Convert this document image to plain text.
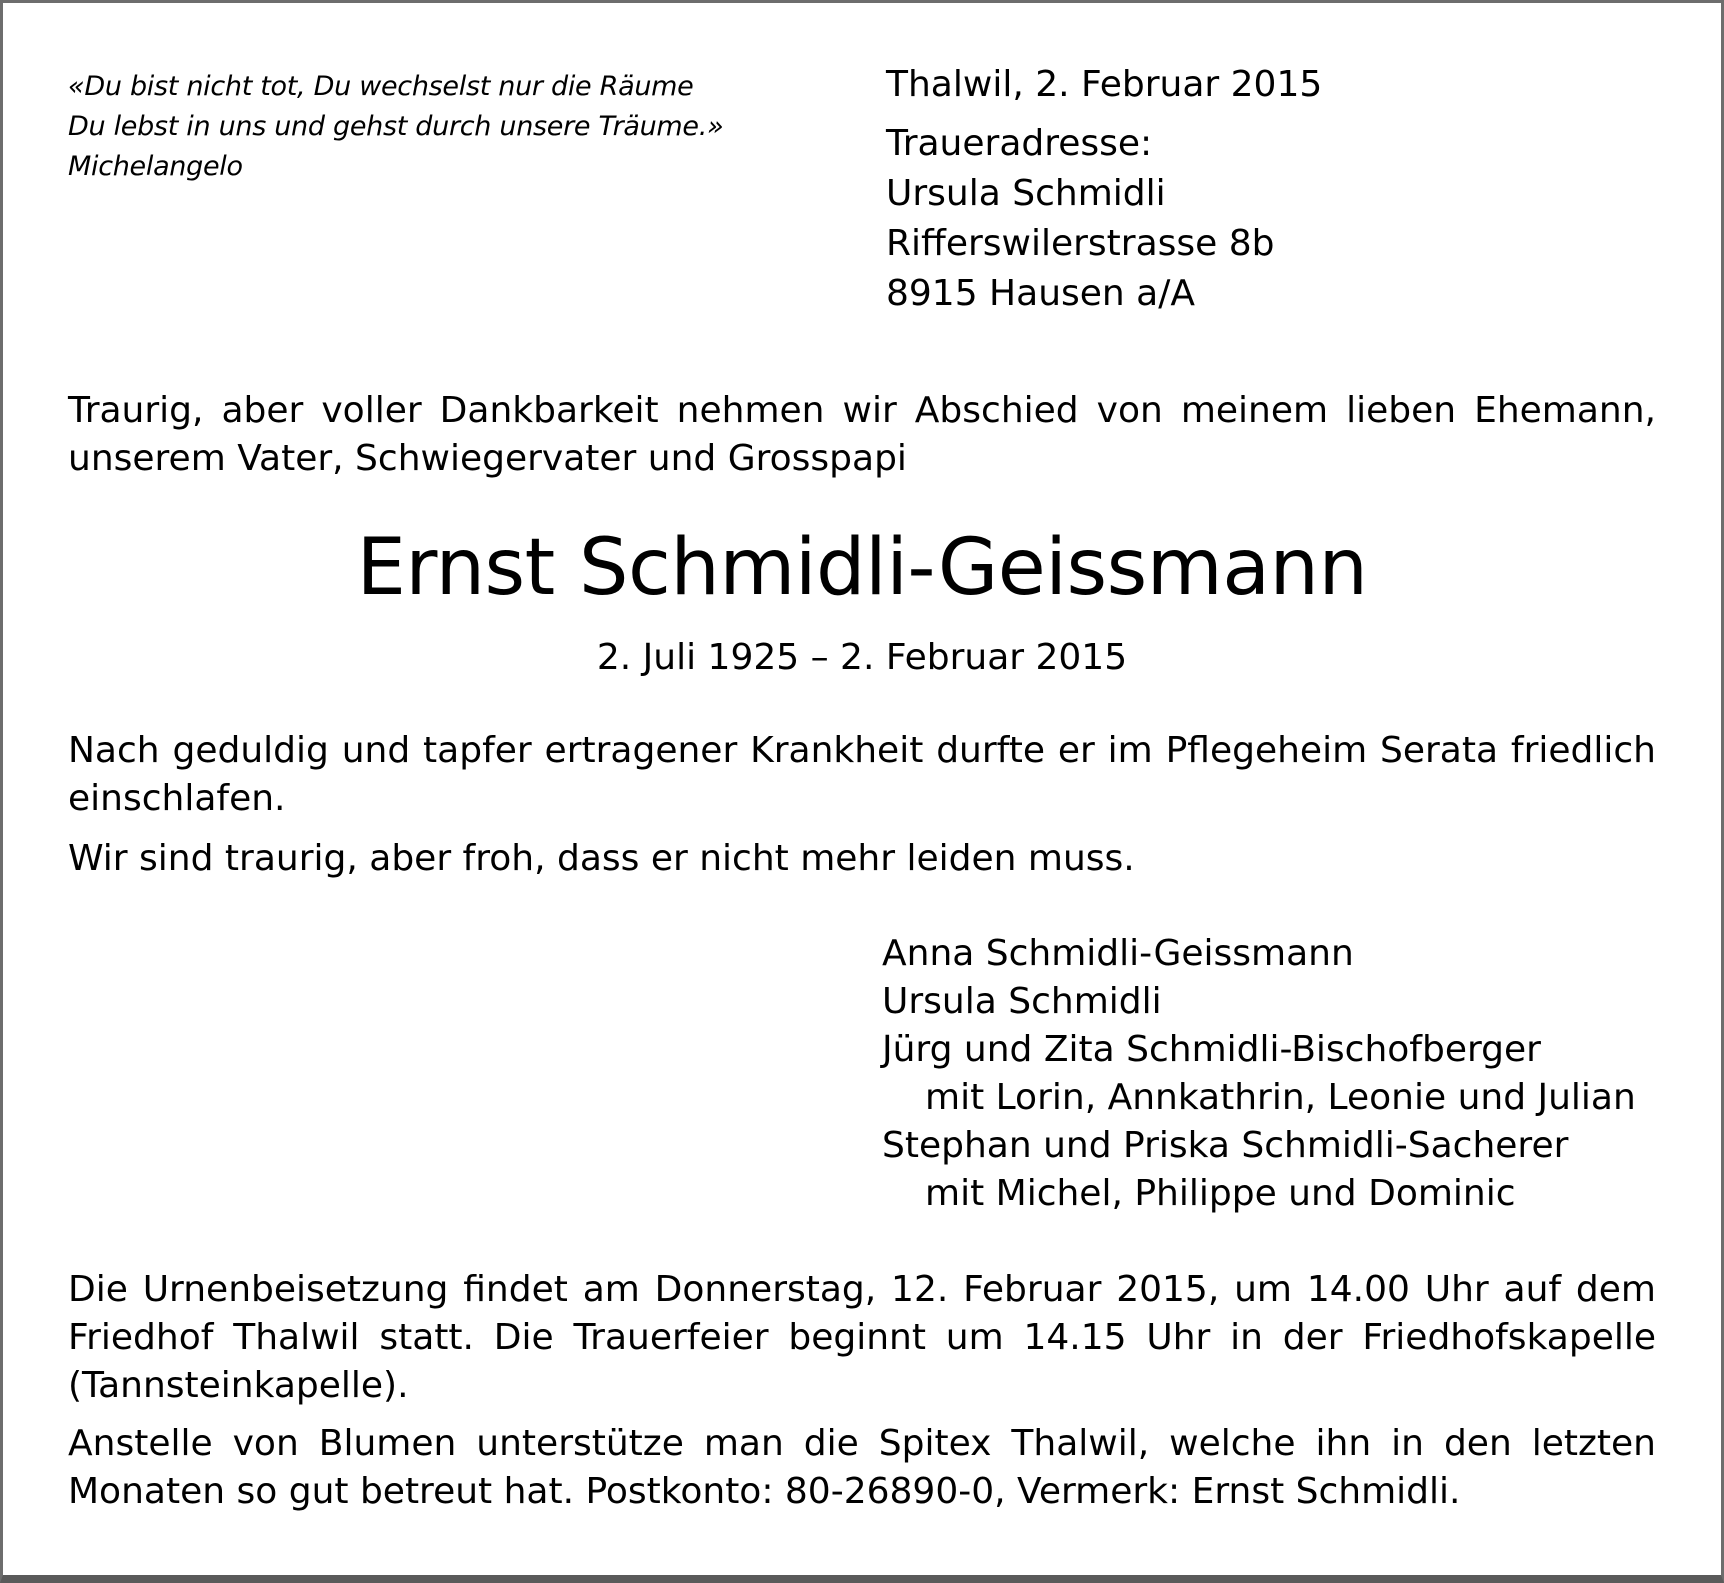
«Du bist nicht tot, Du wechselst nur die Räume
Du lebst in uns und gehst durch unsere Träume.»
Michelangelo
Thalwil, 2. Februar 2015
Traueradresse:
Ursula Schmidli
Rifferswilerstrasse 8b
8915 Hausen a/A
Traurig, aber voller Dankbarkeit nehmen wir Abschied von meinem lieben Ehemann,
unserem Vater, Schwiegervater und Grosspapi
Ernst Schmidli-Geissmann
2. Juli 1925 – 2. Februar 2015
Nach geduldig und tapfer ertragener Krankheit durfte er im Pflegeheim Serata friedlich
einschlafen.
Wir sind traurig, aber froh, dass er nicht mehr leiden muss.
Anna Schmidli-Geissmann
Ursula Schmidli
Jürg und Zita Schmidli-Bischofberger
mit Lorin, Annkathrin, Leonie und Julian
Stephan und Priska Schmidli-Sacherer
mit Michel, Philippe und Dominic
Die Urnenbeisetzung findet am Donnerstag, 12. Februar 2015, um 14.00 Uhr auf dem
Friedhof Thalwil statt. Die Trauerfeier beginnt um 14.15 Uhr in der Friedhofskapelle
(Tannsteinkapelle).
Anstelle von Blumen unterstütze man die Spitex Thalwil, welche ihn in den letzten
Monaten so gut betreut hat. Postkonto: 80-26890-0, Vermerk: Ernst Schmidli.
